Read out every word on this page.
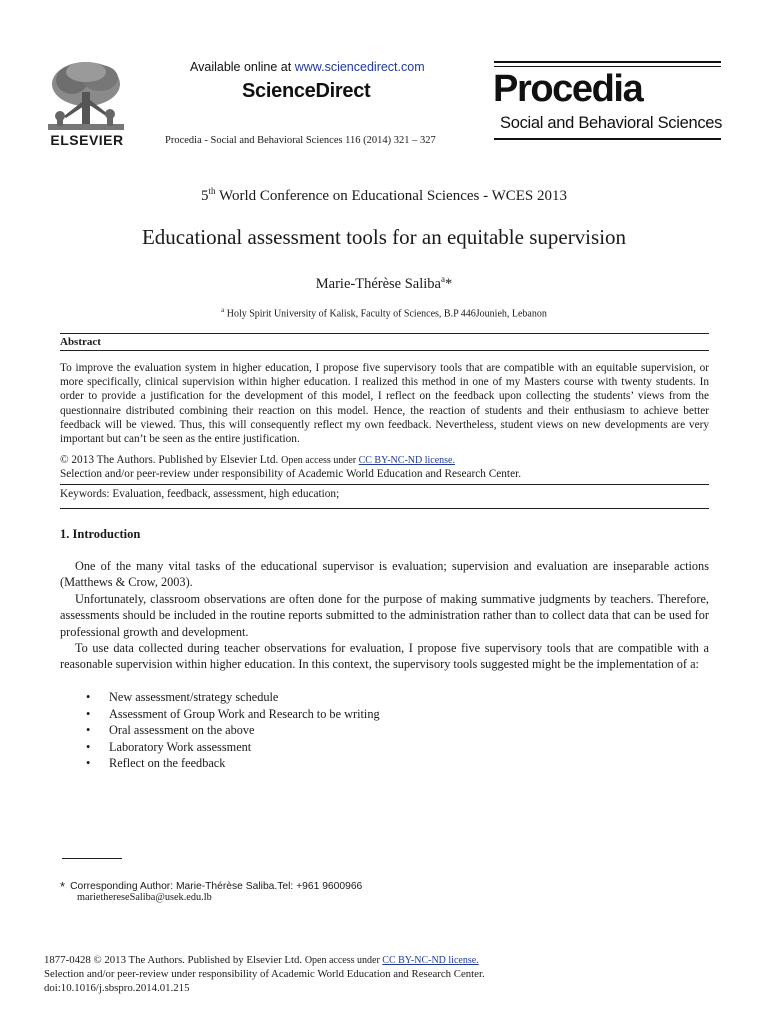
ELSEVIER
Available online at www.sciencedirect.com
ScienceDirect
Procedia - Social and Behavioral Sciences 116 (2014) 321 – 327
Procedia
Social and Behavioral Sciences
5th World Conference on Educational Sciences - WCES 2013
Educational assessment tools for an equitable supervision
Marie-Thérèse Saliba$^a$*
$^a$ Holy Spirit University of Kalisk, Faculty of Sciences, B.P 446Jounieh, Lebanon
Abstract
To improve the evaluation system in higher education, I propose five supervisory tools that are compatible with an equitable supervision, or more specifically, clinical supervision within higher education. I realized this method in one of my Masters course with twenty students. In order to provide a justification for the development of this model, I reflect on the feedback upon collecting the students’ views from the questionnaire distributed combining their reaction on this model. Hence, the reaction of students and their enthusiasm to achieve better feedback will be viewed. Thus, this will consequently reflect my own feedback. Nevertheless, student views on new developments are very important but can’t be seen as the entire justification.
© 2013 The Authors. Published by Elsevier Ltd. Open access under CC BY-NC-ND license.
Selection and/or peer-review under responsibility of Academic World Education and Research Center.
Keywords: Evaluation, feedback, assessment, high education;
1. Introduction
One of the many vital tasks of the educational supervisor is evaluation; supervision and evaluation are inseparable actions (Matthews & Crow, 2003).
Unfortunately, classroom observations are often done for the purpose of making summative judgments by teachers. Therefore, assessments should be included in the routine reports submitted to the administration rather than to collect data that can be used for professional growth and development.
To use data collected during teacher observations for evaluation, I propose five supervisory tools that are compatible with a reasonable supervision within higher education. In this context, the supervisory tools suggested might be the implementation of a:
• New assessment/strategy schedule
• Assessment of Group Work and Research to be writing
• Oral assessment on the above
• Laboratory Work assessment
• Reflect on the feedback
* Corresponding Author: Marie-Thérèse Saliba.Tel: +961 9600966
mariethereseSaliba@usek.edu.lb
1877-0428 © 2013 The Authors. Published by Elsevier Ltd. Open access under CC BY-NC-ND license.
Selection and/or peer-review under responsibility of Academic World Education and Research Center.
doi:10.1016/j.sbspro.2014.01.215
